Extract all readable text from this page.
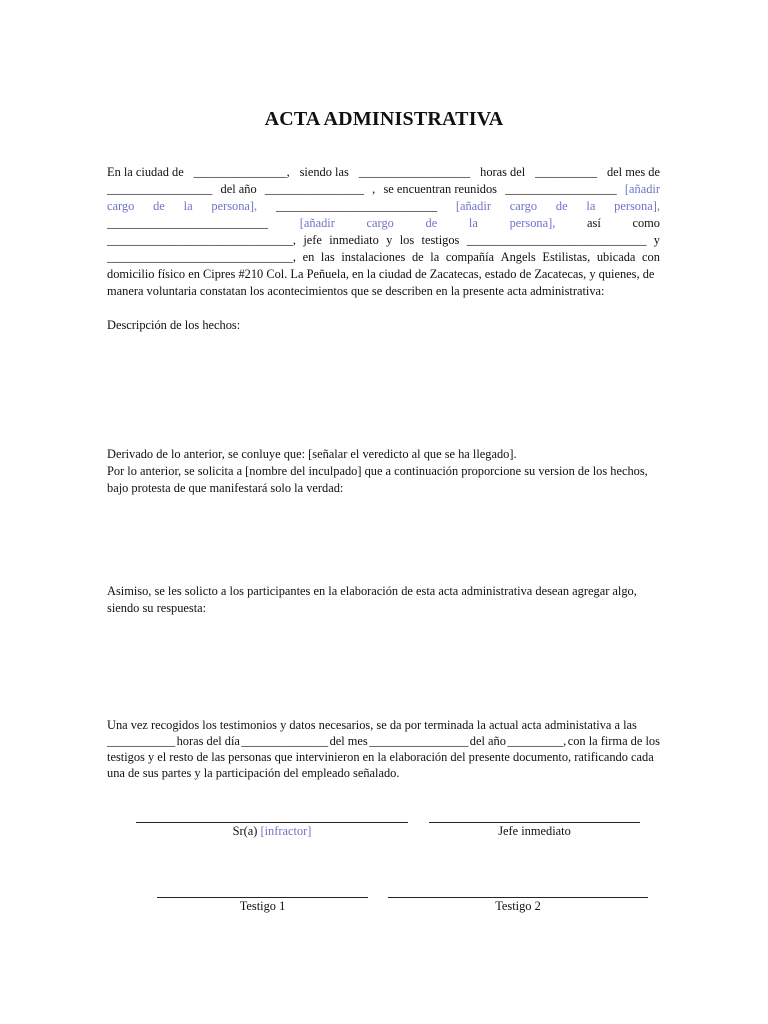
ACTA ADMINISTRATIVA
En la ciudad de _______________, siendo las __________________ horas del __________ del mes de
_________________ del año ________________ , se encuentran reunidos __________________ [añadir
cargo de la persona], __________________________ [añadir cargo de la persona],
__________________________	[añadir	cargo	de	la	persona],	así	como
______________________________, jefe inmediato y los testigos _____________________________ y
______________________________, en las instalaciones de la compañía Angels Estilistas, ubicada con
domicilio físico en Cipres #210 Col. La Peñuela, en la ciudad de Zacatecas, estado de Zacatecas, y quienes, de
manera voluntaria constatan los acontecimientos que se describen en la presente acta administrativa:
Descripción de los hechos:
Derivado de lo anterior, se conluye que: [señalar el veredicto al que se ha llegado].
Por lo anterior, se solicita a [nombre del inculpado] que a continuación proporcione su version de los hechos,
bajo protesta de que manifestará solo la verdad:
Asimiso, se les solicto a los participantes en la elaboración de esta acta administrativa desean agregar algo,
siendo su respuesta:
Una vez recogidos los testimonios y datos necesarios, se da por terminada la actual acta administativa a las
___________ horas del día ______________ del mes ________________ del año _________, con la firma de los
testigos y el resto de las personas que intervinieron en la elaboración del presente documento, ratificando cada
una de sus partes y la participación del empleado señalado.
Sr(a) [infractor]	Jefe inmediato
Testigo 1	Testigo 2
